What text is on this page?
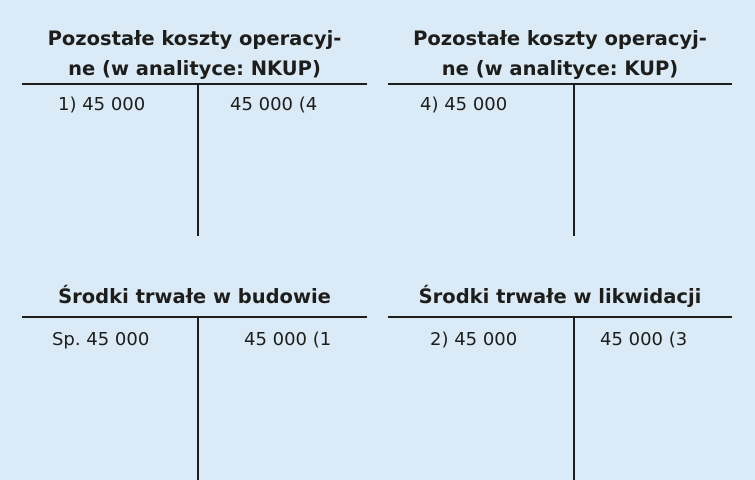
Pozostałe koszty operacyj-
ne (w analityce: NKUP)
1) 45 000	45 000 (4
Pozostałe koszty operacyj-
ne (w analityce: KUP)
4) 45 000
Środki trwałe w budowie
Sp. 45 000	45 000 (1
Środki trwałe w likwidacji
2) 45 000	45 000 (3
